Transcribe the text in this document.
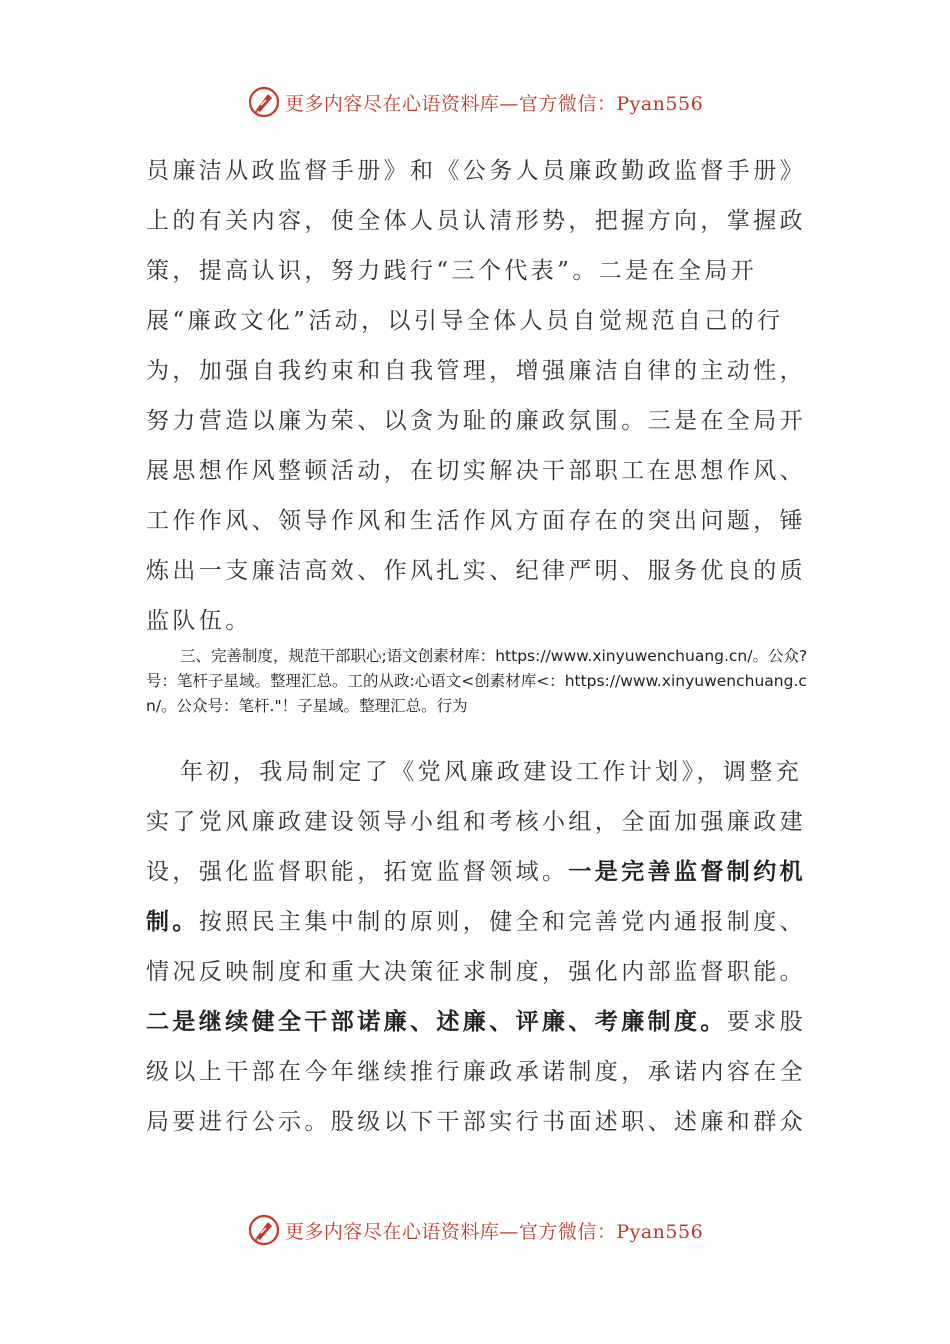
更多内容尽在心语资料库—官方微信：Pyan556

员廉洁从政监督手册》和《公务人员廉政勤政监督手册》上的有关内容，使全体人员认清形势，把握方向，掌握政策，提高认识，努力践行“三个代表”。二是在全局开展“廉政文化”活动，以引导全体人员自觉规范自己的行为，加强自我约束和自我管理，增强廉洁自律的主动性，努力营造以廉为荣、以贪为耻的廉政氛围。三是在全局开展思想作风整顿活动，在切实解决干部职工在思想作风、工作作风、领导作风和生活作风方面存在的突出问题，锤炼出一支廉洁高效、作风扎实、纪律严明、服务优良的质监队伍。

三、完善制度，规范干部职心;语文创素材库：https://www.xinyuwenchuang.cn/。公众?号：笔杆子星域。整理汇总。工的从政:心语文<创素材库<：https://www.xinyuwenchuang.cn/。公众号：笔杆."！子星域。整理汇总。行为

年初，我局制定了《党风廉政建设工作计划》，调整充实了党风廉政建设领导小组和考核小组，全面加强廉政建设，强化监督职能，拓宽监督领域。一是完善监督制约机制。按照民主集中制的原则，健全和完善党内通报制度、情况反映制度和重大决策征求制度，强化内部监督职能。二是继续健全干部诺廉、述廉、评廉、考廉制度。要求股级以上干部在今年继续推行廉政承诺制度，承诺内容在全局要进行公示。股级以下干部实行书面述职、述廉和群众

更多内容尽在心语资料库—官方微信：Pyan556
